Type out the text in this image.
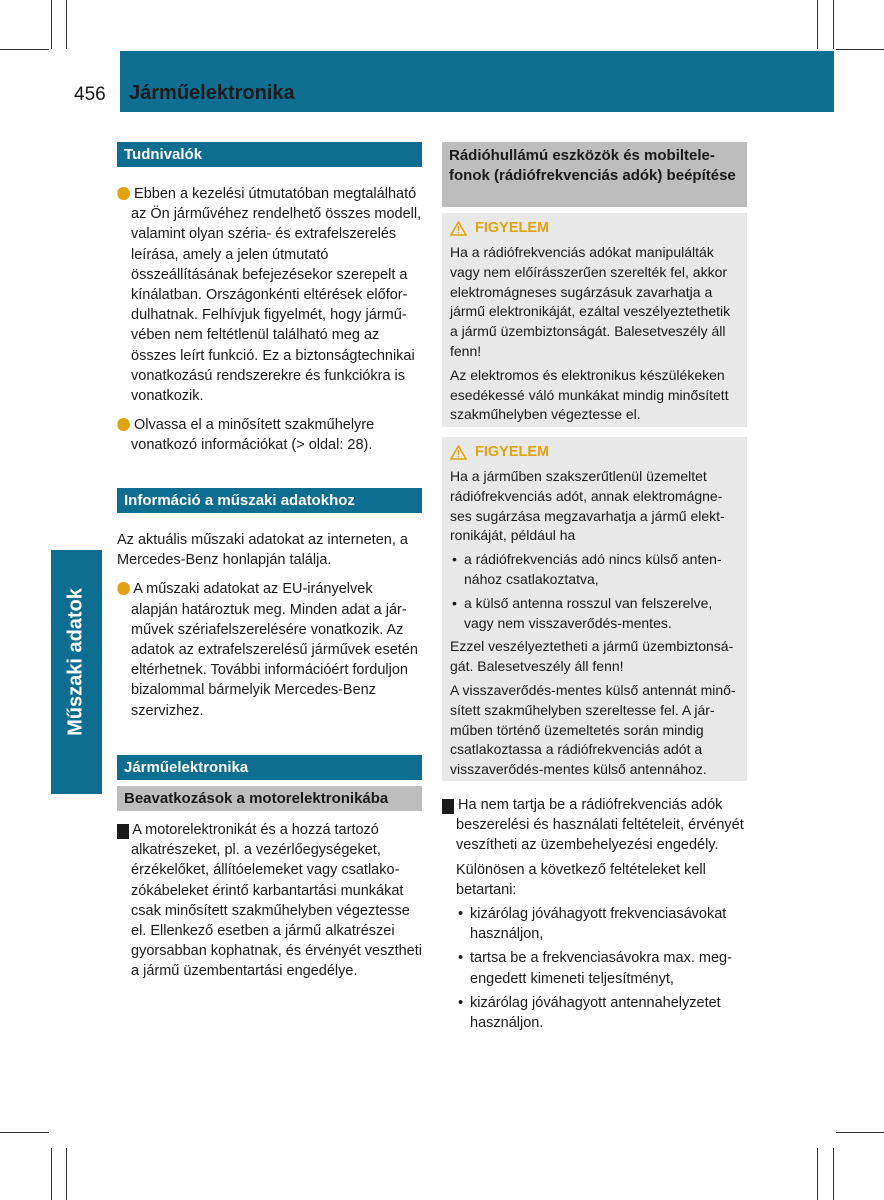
456 Járműelektronika
Műszaki adatok
Tudnivalók

i Ebben a kezelési útmutatóban megtalálható az Ön járművéhez rendelhető összes modell, valamint olyan széria- és extrafelszerelés leírása, amely a jelen útmutató összeállításának befejezésekor szerepelt a kínálatban. Országonkénti eltérések előfordulhatnak. Felhívjuk figyelmét, hogy járművében nem feltétlenül található meg az összes leírt funkció. Ez a biztonságtechnikai vonatkozású rendszerekre és funkciókra is vonatkozik.

i Olvassa el a minősített szakműhelyre vonatkozó információkat (> oldal: 28).

Információ a műszaki adatokhoz

Az aktuális műszaki adatokat az interneten, a Mercedes-Benz honlapján találja.

i A műszaki adatokat az EU-irányelvek alapján határoztuk meg. Minden adat a járművek szériafelszerelésére vonatkozik. Az adatok az extrafelszerelésű járművek esetén eltérhetnek. További információért forduljon bizalommal bármelyik Mercedes-Benz szervizhez.

Járműelektronika
Beavatkozások a motorelektronikába

! A motorelektronikát és a hozzá tartozó alkatrészeket, pl. a vezérlőegységeket, érzékelőket, állítóelemeket vagy csatlakozókábeleket érintő karbantartási munkákat csak minősített szakműhelyben végeztesse el. Ellenkező esetben a jármű alkatrészei gyorsabban kophatnak, és érvényét vesztheti a jármű üzembentartási engedélye.

Rádióhullámú eszközök és mobiltelefonok (rádiófrekvenciás adók) beépítése
FIGYELEM

Ha a rádiófrekvenciás adókat manipulálták vagy nem előírásszerűen szerelték fel, akkor elektromágneses sugárzásuk zavarhatja a jármű elektronikáját, ezáltal veszélyeztethetik a jármű üzembiztonságát. Balesetveszély áll fenn!

Az elektromos és elektronikus készülékeken esedékessé váló munkákat mindig minősített szakműhelyben végeztesse el.

FIGYELEM

Ha a járműben szakszerűtlenül üzemeltet rádiófrekvenciás adót, annak elektromágneses sugárzása megzavarhatja a jármű elektronikáját, például ha

• a rádiófrekvenciás adó nincs külső antennához csatlakoztatva,

• a külső antenna rosszul van felszerelve, vagy nem visszaverődés-mentes.

Ezzel veszélyeztetheti a jármű üzembiztonságát. Balesetveszély áll fenn!

A visszaverődés-mentes külső antennát minősített szakműhelyben szereltesse fel. A járműben történő üzemeltetés során mindig csatlakoztassa a rádiófrekvenciás adót a visszaverődés-mentes külső antennához.

! Ha nem tartja be a rádiófrekvenciás adók beszerelési és használati feltételeit, érvényét veszítheti az üzembehelyezési engedély.

Különösen a következő feltételeket kell betartani:

• kizárólag jóváhagyott frekvenciasávokat használjon,

• tartsa be a frekvenciasávokra max. megengedett kimeneti teljesítményt,

• kizárólag jóváhagyott antennahelyzetet használjon.
